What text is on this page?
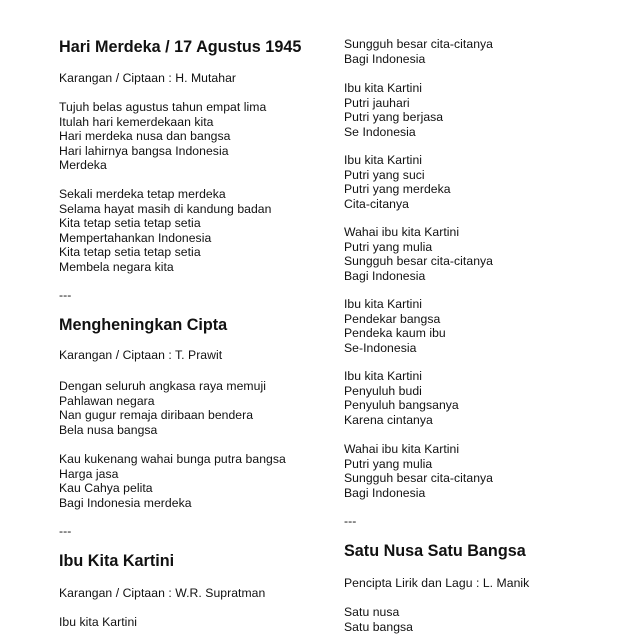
Hari Merdeka / 17 Agustus 1945
Karangan / Ciptaan : H. Mutahar
Tujuh belas agustus tahun empat lima
Itulah hari kemerdekaan kita
Hari merdeka nusa dan bangsa
Hari lahirnya bangsa Indonesia
Merdeka
Sekali merdeka tetap merdeka
Selama hayat masih di kandung badan
Kita tetap setia tetap setia
Mempertahankan Indonesia
Kita tetap setia tetap setia
Membela negara kita
---
Mengheningkan Cipta
Karangan / Ciptaan : T. Prawit
Dengan seluruh angkasa raya memuji
Pahlawan negara
Nan gugur remaja diribaan bendera
Bela nusa bangsa
Kau kukenang wahai bunga putra bangsa
Harga jasa
Kau Cahya pelita
Bagi Indonesia merdeka
---
Ibu Kita Kartini
Karangan / Ciptaan : W.R. Supratman
Ibu kita Kartini
Sungguh besar cita-citanya
Bagi Indonesia
Ibu kita Kartini
Putri jauhari
Putri yang berjasa
Se Indonesia
Ibu kita Kartini
Putri yang suci
Putri yang merdeka
Cita-citanya
Wahai ibu kita Kartini
Putri yang mulia
Sungguh besar cita-citanya
Bagi Indonesia
Ibu kita Kartini
Pendekar bangsa
Pendeka kaum ibu
Se-Indonesia
Ibu kita Kartini
Penyuluh budi
Penyuluh bangsanya
Karena cintanya
Wahai ibu kita Kartini
Putri yang mulia
Sungguh besar cita-citanya
Bagi Indonesia
---
Satu Nusa Satu Bangsa
Pencipta Lirik dan Lagu : L. Manik
Satu nusa
Satu bangsa
